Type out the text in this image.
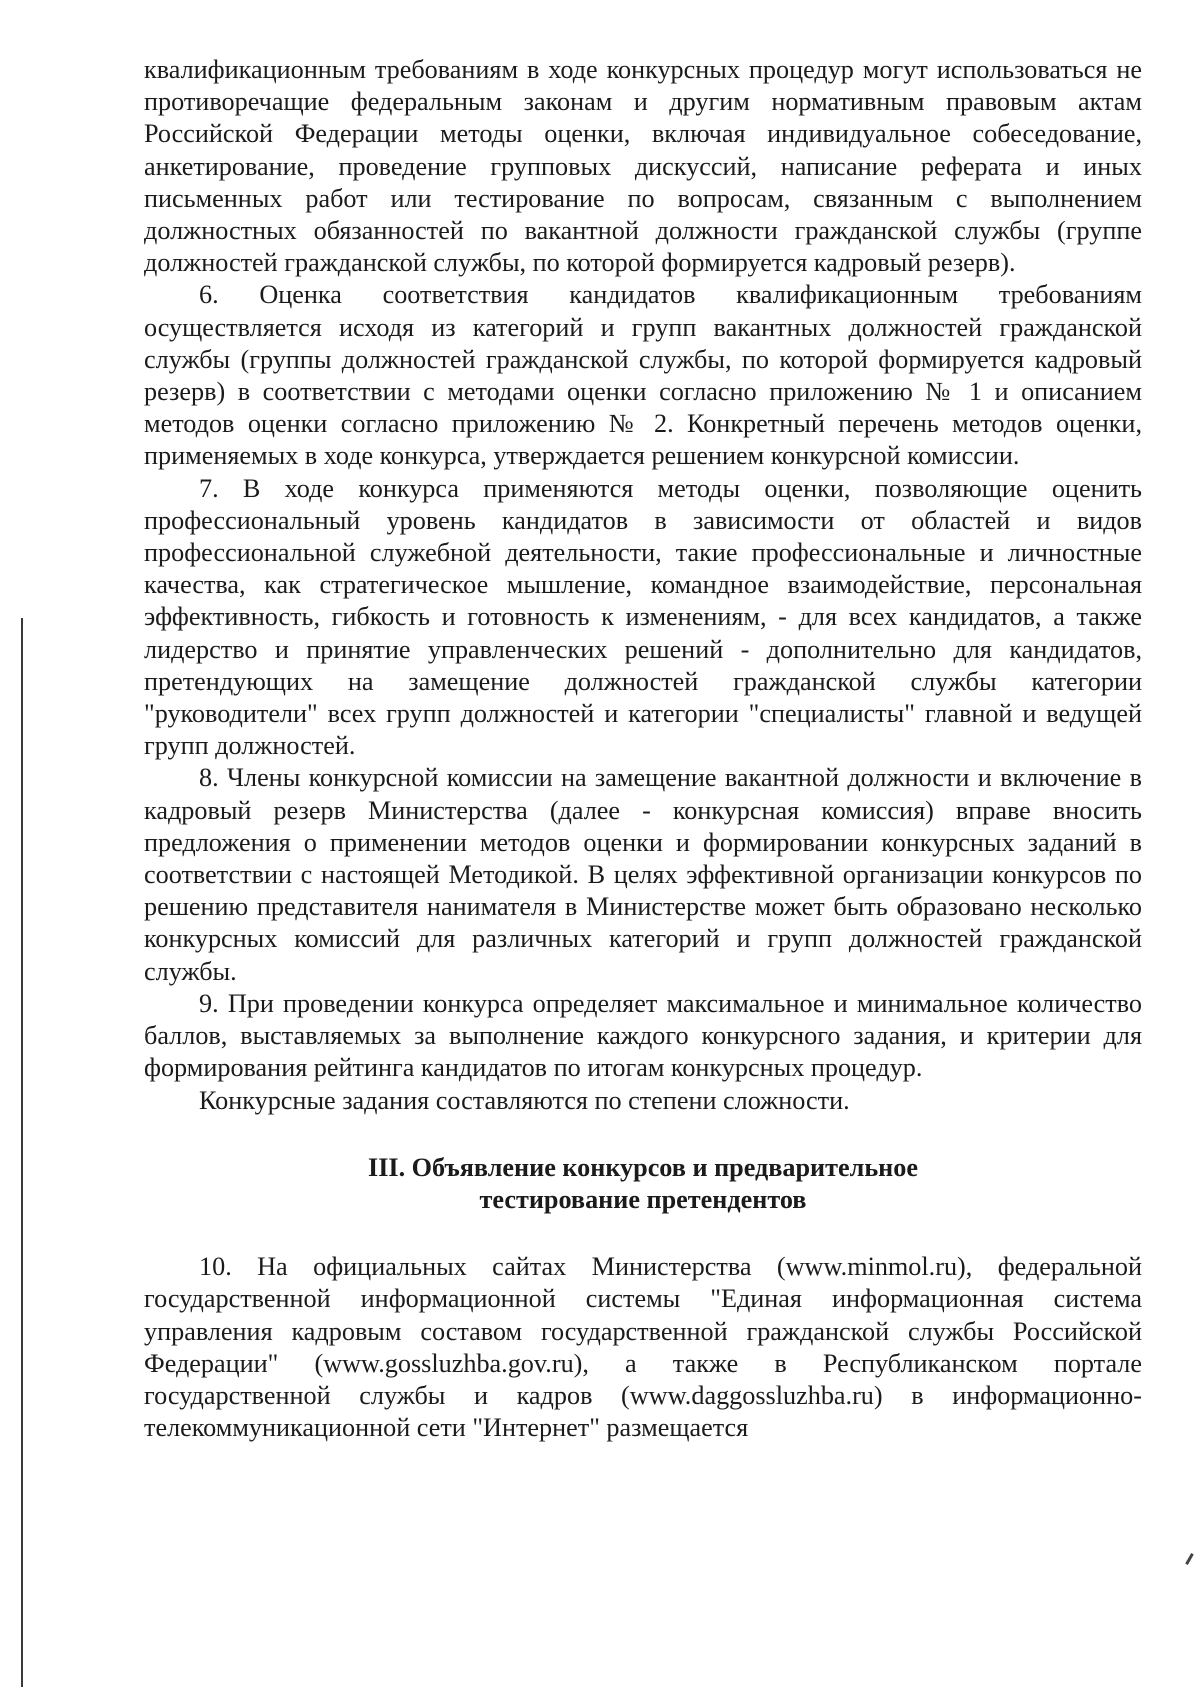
квалификационным требованиям в ходе конкурсных процедур могут использоваться не противоречащие федеральным законам и другим нормативным правовым актам Российской Федерации методы оценки, включая индивидуальное собеседование, анкетирование, проведение групповых дискуссий, написание реферата и иных письменных работ или тестирование по вопросам, связанным с выполнением должностных обязанностей по вакантной должности гражданской службы (группе должностей гражданской службы, по которой формируется кадровый резерв).

6. Оценка соответствия кандидатов квалификационным требованиям осуществляется исходя из категорий и групп вакантных должностей гражданской службы (группы должностей гражданской службы, по которой формируется кадровый резерв) в соответствии с методами оценки согласно приложению № 1 и описанием методов оценки согласно приложению № 2. Конкретный перечень методов оценки, применяемых в ходе конкурса, утверждается решением конкурсной комиссии.

7. В ходе конкурса применяются методы оценки, позволяющие оценить профессиональный уровень кандидатов в зависимости от областей и видов профессиональной служебной деятельности, такие профессиональные и личностные качества, как стратегическое мышление, командное взаимодействие, персональная эффективность, гибкость и готовность к изменениям, - для всех кандидатов, а также лидерство и принятие управленческих решений - дополнительно для кандидатов, претендующих на замещение должностей гражданской службы категории "руководители" всех групп должностей и категории "специалисты" главной и ведущей групп должностей.

8. Члены конкурсной комиссии на замещение вакантной должности и включение в кадровый резерв Министерства (далее - конкурсная комиссия) вправе вносить предложения о применении методов оценки и формировании конкурсных заданий в соответствии с настоящей Методикой. В целях эффективной организации конкурсов по решению представителя нанимателя в Министерстве может быть образовано несколько конкурсных комиссий для различных категорий и групп должностей гражданской службы.

9. При проведении конкурса определяет максимальное и минимальное количество баллов, выставляемых за выполнение каждого конкурсного задания, и критерии для формирования рейтинга кандидатов по итогам конкурсных процедур.

Конкурсные задания составляются по степени сложности.

III. Объявление конкурсов и предварительное

тестирование претендентов

10. На официальных сайтах Министерства (www.minmol.ru), федеральной государственной информационной системы "Единая информационная система управления кадровым составом государственной гражданской службы Российской Федерации" (www.gossluzhba.gov.ru), а также в Республиканском портале государственной службы и кадров (www.daggossluzhba.ru) в информационно-телекоммуникационной сети "Интернет" размещается
